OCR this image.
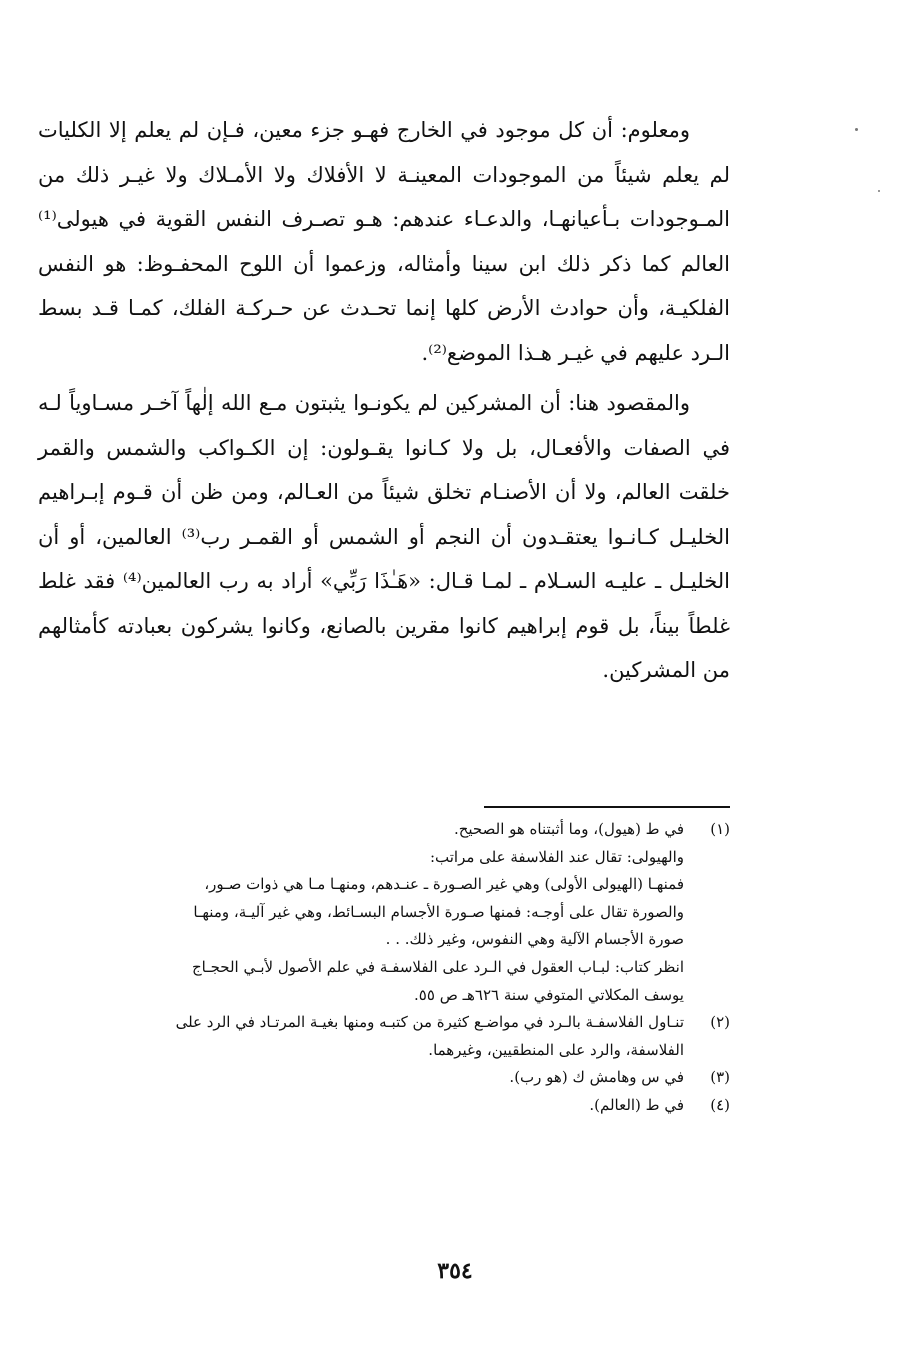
ومعلوم: أن كل موجود في الخارج فهـو جزء معين، فـإن لم يعلم إلا الكليات لم يعلم شيئاً من الموجودات المعينـة لا الأفلاك ولا الأمـلاك ولا غيـر ذلك من المـوجودات بـأعيانهـا، والدعـاء عندهم: هـو تصـرف النفس القوية في هيولى⁽¹⁾ العالم كما ذكر ذلك ابن سينا وأمثاله، وزعموا أن اللوح المحفـوظ: هو النفس الفلكيـة، وأن حوادث الأرض كلها إنما تحـدث عن حـركـة الفلك، كمـا قـد بسط الـرد عليهم في غيـر هـذا الموضع⁽²⁾.

والمقصود هنا: أن المشركين لم يكونـوا يثبتون مـع الله إلٰهاً آخـر مسـاوياً لـه في الصفات والأفعـال، بل ولا كـانوا يقـولون: إن الكـواكب والشمس والقمر خلقت العالم، ولا أن الأصنـام تخلق شيئاً من العـالم، ومن ظن أن قـوم إبـراهيم الخليـل كـانـوا يعتقـدون أن النجم أو الشمس أو القمـر رب⁽³⁾ العالمين، أو أن الخليـل ـ عليـه السـلام ـ لمـا قـال: «هَـٰذَا رَبِّي» أراد به رب العالمين⁽⁴⁾ فقد غلط غلطاً بيناً، بل قوم إبراهيم كانوا مقرين بالصانع، وكانوا يشركون بعبادته كأمثالهم من المشركين.

(١)
في ط (هيول)، وما أثبتناه هو الصحيح.
والهيولى: تقال عند الفلاسفة على مراتب:
فمنهـا (الهيولى الأولى) وهي غير الصـورة ـ عنـدهم، ومنهـا مـا هي ذوات صـور،
والصورة تقال على أوجـه: فمنها صـورة الأجسام البسـائط، وهي غير آليـة، ومنهـا
صورة الأجسام الآلية وهي النفوس، وغير ذلك. . .
انظر كتاب: لبـاب العقول في الـرد على الفلاسفـة في علم الأصول لأبـي الحجـاج
يوسف المكلاتي المتوفي سنة ٦٢٦هـ ص ٥٥.
(٢)
تنـاول الفلاسفـة بالـرد في مواضـع كثيرة من كتبـه ومنها بغيـة المرتـاد في الرد على
الفلاسفة، والرد على المنطقيين، وغيرهما.
(٣)
في س وهامش ك (هو رب).
(٤)
في ط (العالم).
٣٥٤
